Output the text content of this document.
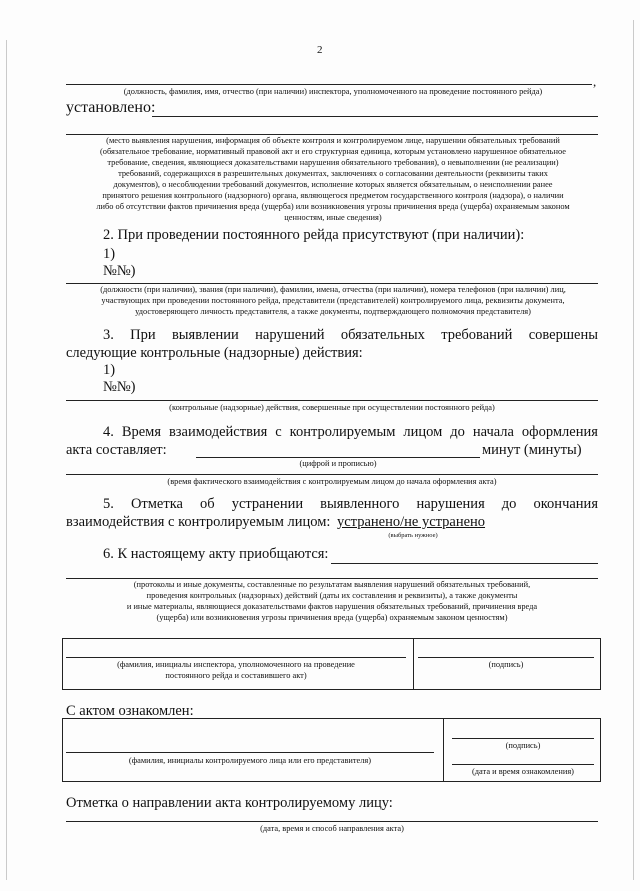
2
,
(должность, фамилия, имя, отчество (при наличии) инспектора, уполномоченного на проведение постоянного рейда)
установлено:
(место выявления нарушения, информация об объекте контроля и контролируемом лице, нарушении обязательных требований
(обязательное требование, нормативный правовой акт и его структурная единица, которым установлено нарушенное обязательное
требование, сведения, являющиеся доказательствами нарушения обязательного требования), о невыполнении (не реализации)
требований, содержащихся в разрешительных документах, заключениях о согласовании деятельности (реквизиты таких
документов), о несоблюдении требований документов, исполнение которых является обязательным, о неисполнении ранее
принятого решения контрольного (надзорного) органа, являющегося предметом государственного контроля (надзора), о наличии
либо об отсутствии фактов причинения вреда (ущерба) или возникновения угрозы причинения вреда (ущерба) охраняемым законом
ценностям, иные сведения)
2. При проведении постоянного рейда присутствуют (при наличии):
1)
№№)
(должности (при наличии), звания (при наличии), фамилии, имена, отчества (при наличии), номера телефонов (при наличии) лиц,
участвующих при проведении постоянного рейда, представители (представителей) контролируемого лица, реквизиты документа,
удостоверяющего личность представителя, а также документы, подтверждающего полномочия представителя)
3. При выявлении нарушений обязательных требований совершены
следующие контрольные (надзорные) действия:
1)
№№)
(контрольные (надзорные) действия, совершенные при осуществлении постоянного рейда)
4. Время взаимодействия с контролируемым лицом до начала оформления
акта составляет:	минут (минуты)
(цифрой и прописью)
(время фактического взаимодействия с контролируемым лицом до начала оформления акта)
5. Отметка об устранении выявленного нарушения до окончания
взаимодействия с контролируемым лицом: устранено/не устранено
(выбрать нужное)
6. К настоящему акту приобщаются:
(протоколы и иные документы, составленные по результатам выявления нарушений обязательных требований,
проведения контрольных (надзорных) действий (даты их составления и реквизиты), а также документы
и иные материалы, являющиеся доказательствами фактов нарушения обязательных требований, причинения вреда
(ущерба) или возникновения угрозы причинения вреда (ущерба) охраняемым законом ценностям)
(фамилия, инициалы инспектора, уполномоченного на проведение
постоянного рейда и составившего акт)
(подпись)
С актом ознакомлен:
(фамилия, инициалы контролируемого лица или его представителя)
(подпись)
(дата и время ознакомления)
Отметка о направлении акта контролируемому лицу:
(дата, время и способ направления акта)
